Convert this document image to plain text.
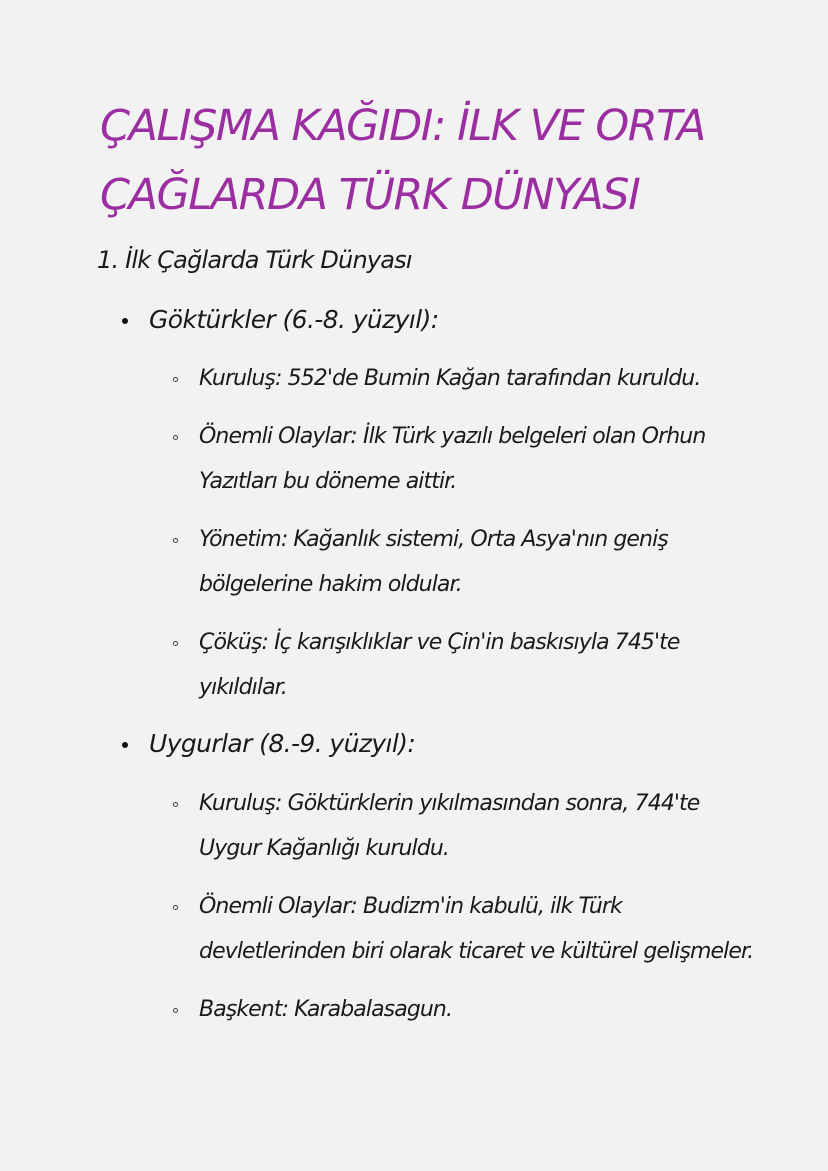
ÇALIŞMA KAĞIDI: İLK VE ORTA
ÇAĞLARDA TÜRK DÜNYASI
1. İlk Çağlarda Türk Dünyası
Göktürkler (6.-8. yüzyıl):
Kuruluş: 552'de Bumin Kağan tarafından kuruldu.
Önemli Olaylar: İlk Türk yazılı belgeleri olan Orhun
Yazıtları bu döneme aittir.
Yönetim: Kağanlık sistemi, Orta Asya'nın geniş
bölgelerine hakim oldular.
Çöküş: İç karışıklıklar ve Çin'in baskısıyla 745'te
yıkıldılar.
Uygurlar (8.-9. yüzyıl):
Kuruluş: Göktürklerin yıkılmasından sonra, 744'te
Uygur Kağanlığı kuruldu.
Önemli Olaylar: Budizm'in kabulü, ilk Türk
devletlerinden biri olarak ticaret ve kültürel gelişmeler.
Başkent: Karabalasagun.
